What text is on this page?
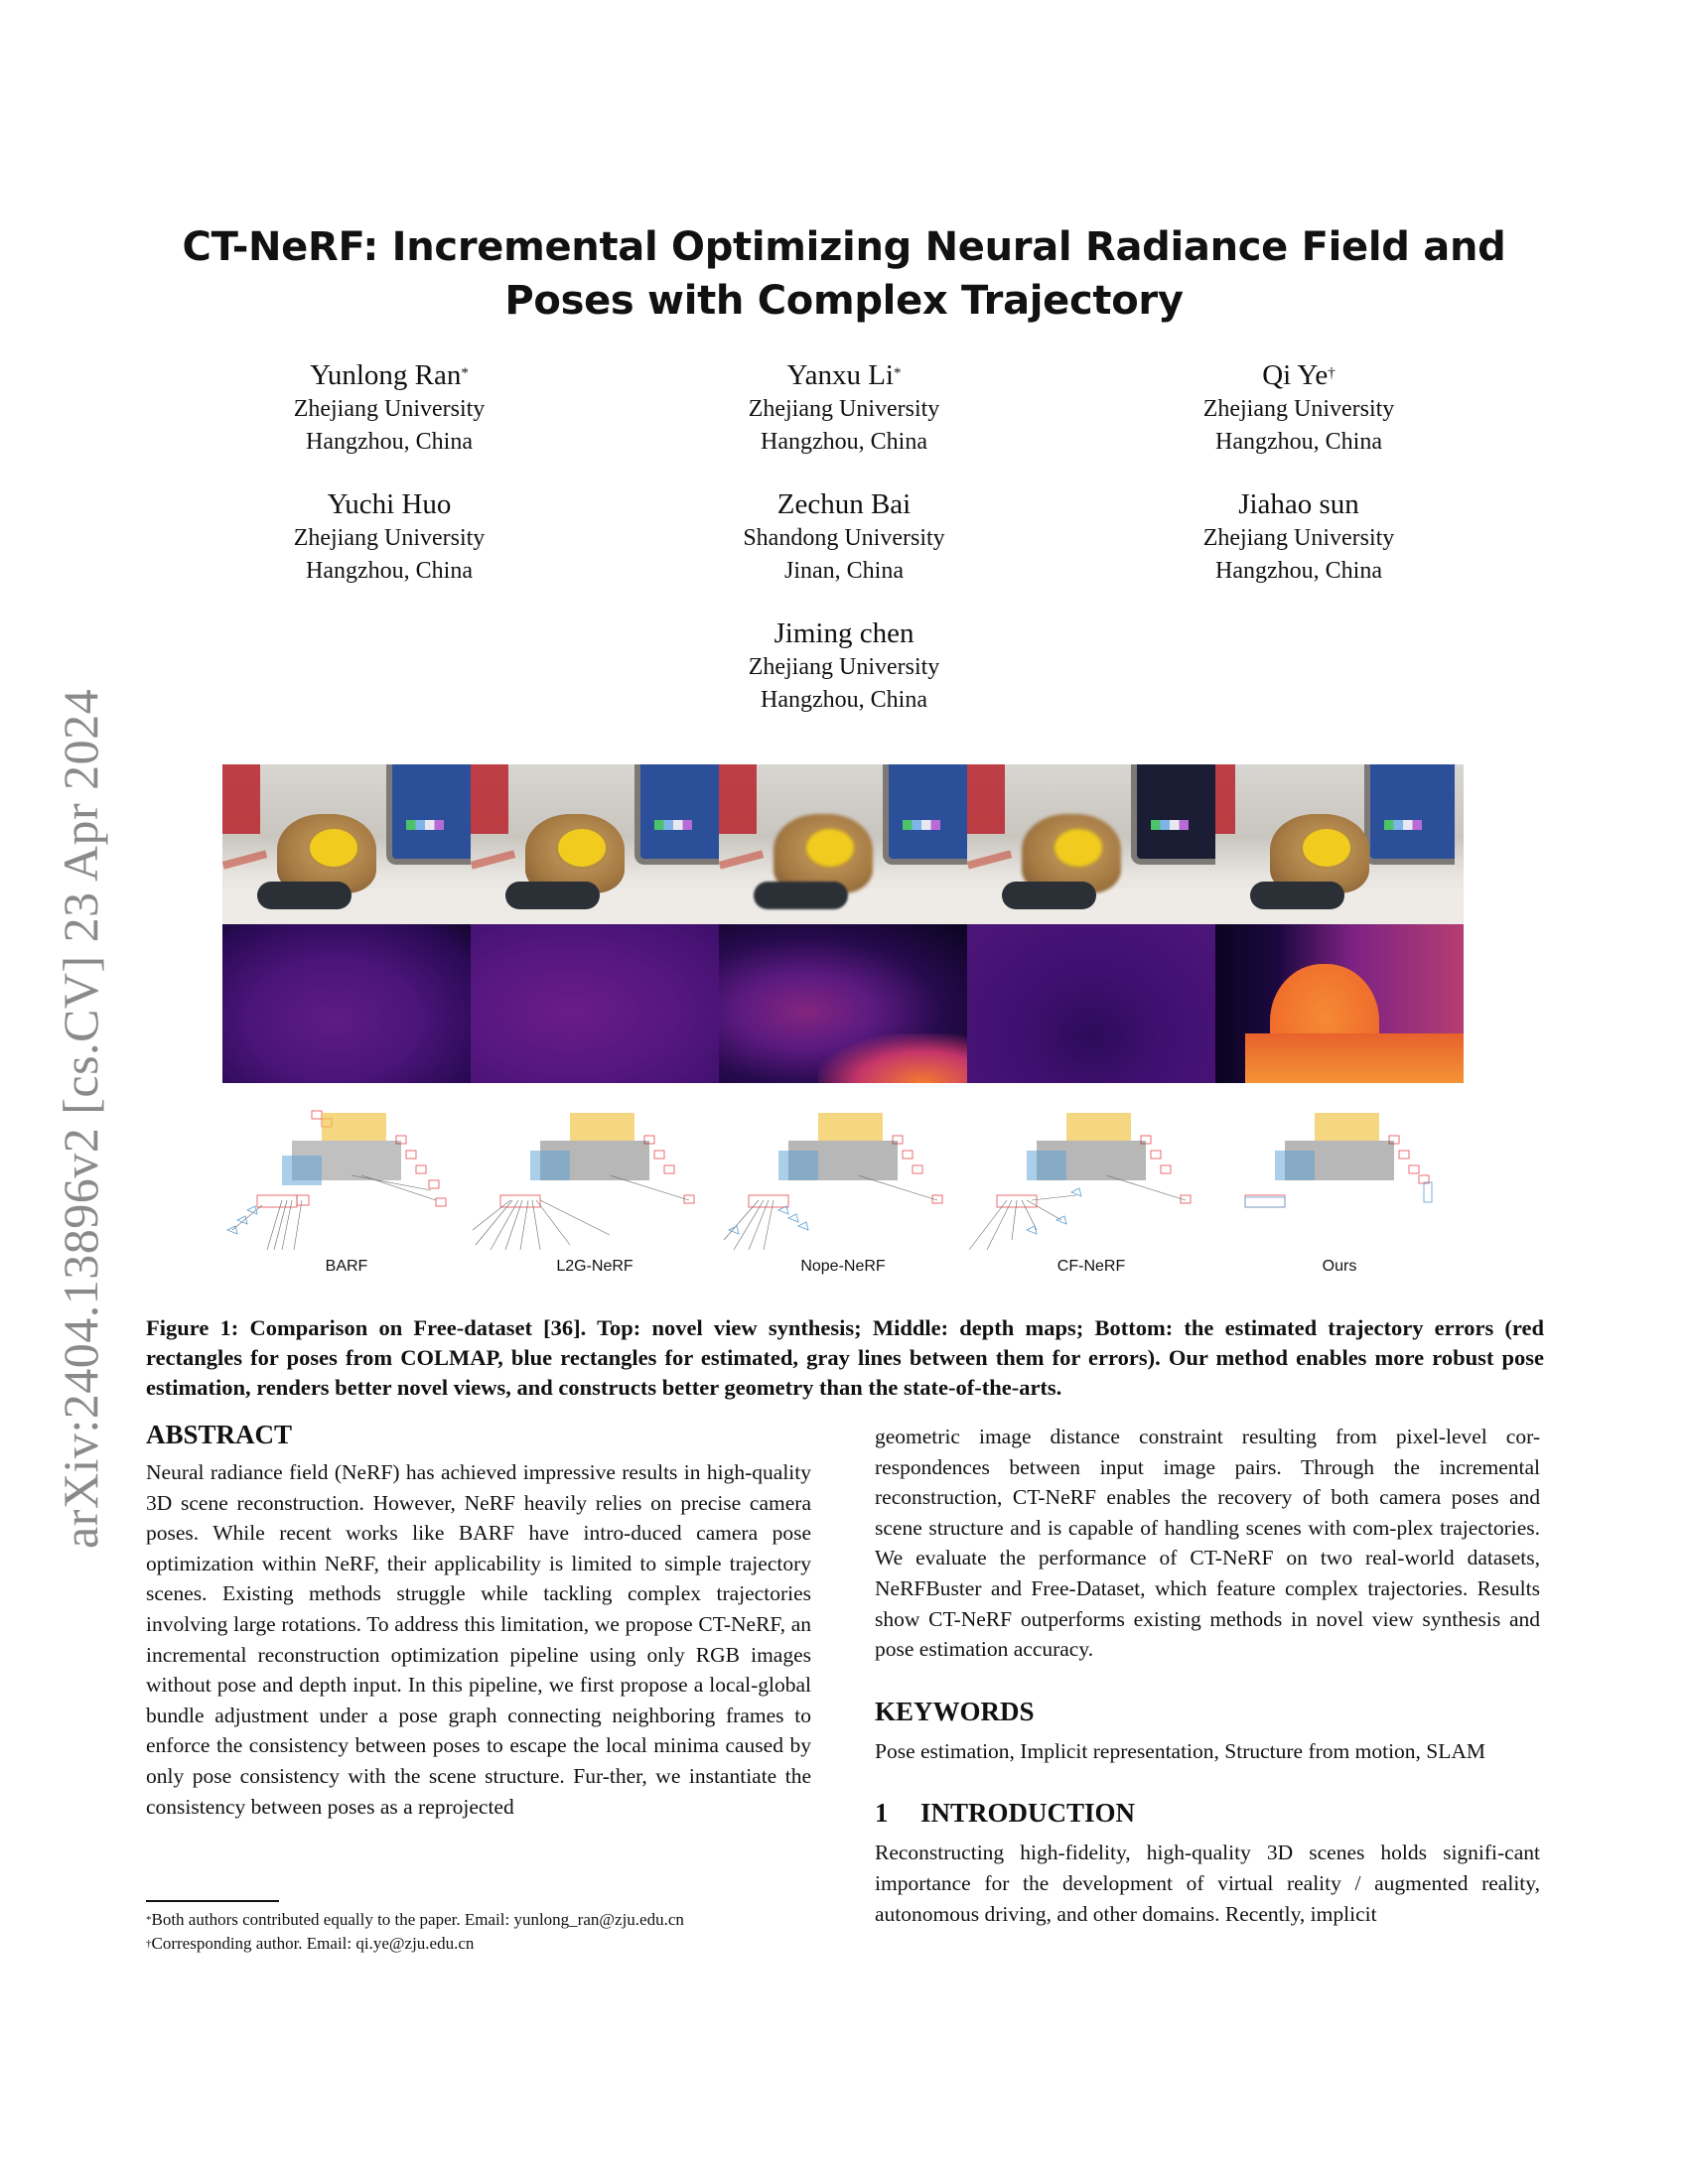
arXiv:2404.13896v2 [cs.CV] 23 Apr 2024
CT-NeRF: Incremental Optimizing Neural Radiance Field and
Poses with Complex Trajectory
Yunlong Ran*
Zhejiang University
Hangzhou, China
Yanxu Li*
Zhejiang University
Hangzhou, China
Qi Ye†
Zhejiang University
Hangzhou, China
Yuchi Huo
Zhejiang University
Hangzhou, China
Zechun Bai
Shandong University
Jinan, China
Jiahao sun
Zhejiang University
Hangzhou, China
Jiming chen
Zhejiang University
Hangzhou, China
BARF	L2G-NeRF	Nope-NeRF	CF-NeRF	Ours
Figure 1: Comparison on Free-dataset [36]. Top: novel view synthesis; Middle: depth maps; Bottom: the estimated trajectory errors (red rectangles for poses from COLMAP, blue rectangles for estimated, gray lines between them for errors). Our method enables more robust pose estimation, renders better novel views, and constructs better geometry than the state-of-the-arts.
ABSTRACT
Neural radiance field (NeRF) has achieved impressive results in high-quality 3D scene reconstruction. However, NeRF heavily relies on precise camera poses. While recent works like BARF have intro-duced camera pose optimization within NeRF, their applicability is limited to simple trajectory scenes. Existing methods struggle while tackling complex trajectories involving large rotations. To address this limitation, we propose CT-NeRF, an incremental reconstruction optimization pipeline using only RGB images without pose and depth input. In this pipeline, we first propose a local-global bundle adjustment under a pose graph connecting neighboring frames to enforce the consistency between poses to escape the local minima caused by only pose consistency with the scene structure. Fur-ther, we instantiate the consistency between poses as a reprojected
geometric image distance constraint resulting from pixel-level cor-respondences between input image pairs. Through the incremental reconstruction, CT-NeRF enables the recovery of both camera poses and scene structure and is capable of handling scenes with com-plex trajectories. We evaluate the performance of CT-NeRF on two real-world datasets, NeRFBuster and Free-Dataset, which feature complex trajectories. Results show CT-NeRF outperforms existing methods in novel view synthesis and pose estimation accuracy.
KEYWORDS
Pose estimation, Implicit representation, Structure from motion, SLAM
1 INTRODUCTION
Reconstructing high-fidelity, high-quality 3D scenes holds signifi-cant importance for the development of virtual reality / augmented reality, autonomous driving, and other domains. Recently, implicit
*Both authors contributed equally to the paper. Email: yunlong_ran@zju.edu.cn
†Corresponding author. Email: qi.ye@zju.edu.cn
